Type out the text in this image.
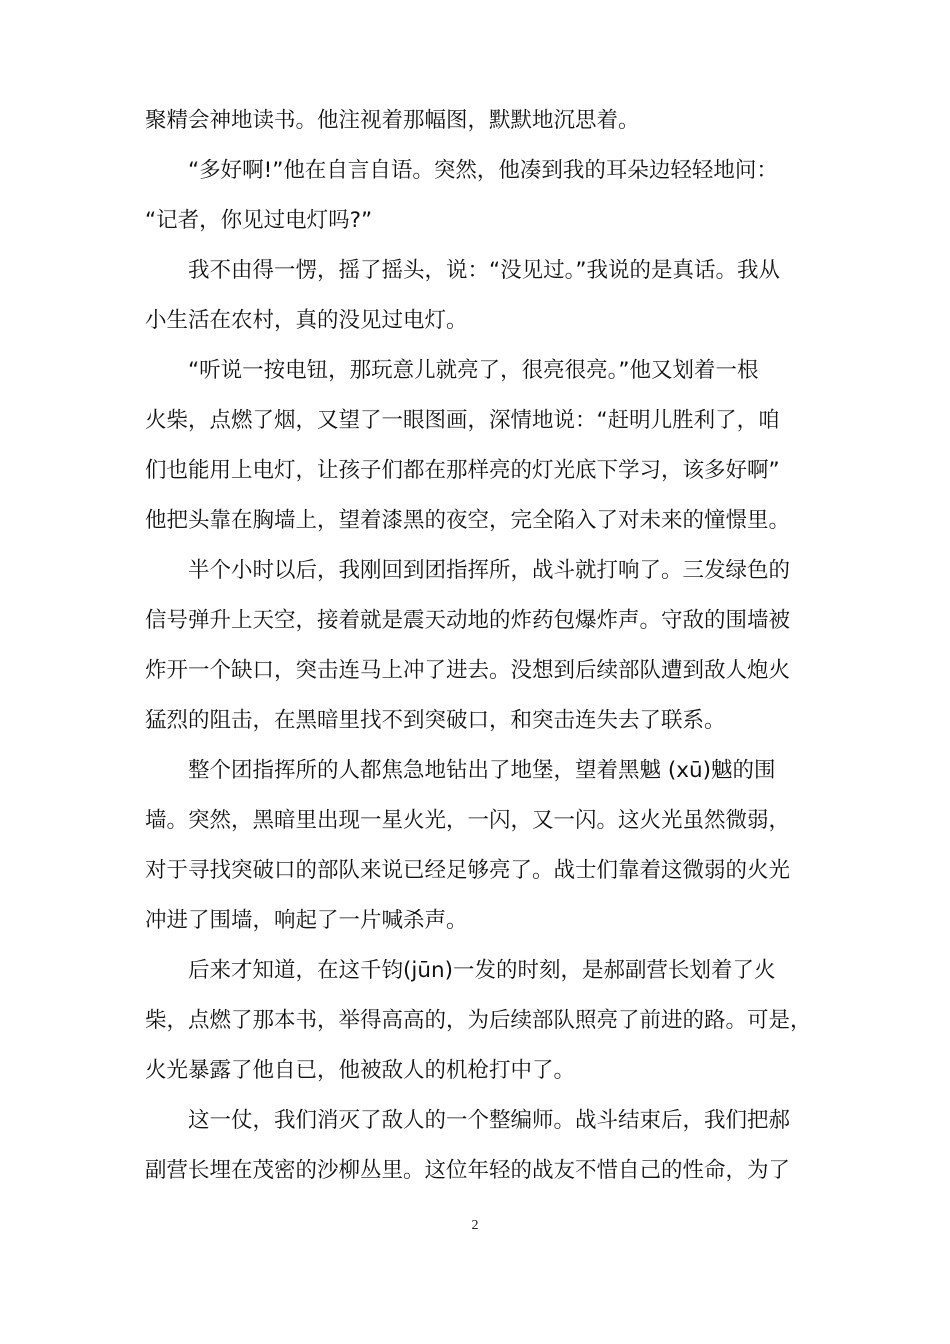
聚精会神地读书。他注视着那幅图，默默地沉思着。
“多好啊!”他在自言自语。突然，他凑到我的耳朵边轻轻地问：
“记者，你见过电灯吗?”
我不由得一愣，摇了摇头，说：“没见过。”我说的是真话。我从
小生活在农村，真的没见过电灯。
“听说一按电钮，那玩意儿就亮了，很亮很亮。”他又划着一根
火柴，点燃了烟，又望了一眼图画，深情地说：“赶明儿胜利了，咱
们也能用上电灯，让孩子们都在那样亮的灯光底下学习，该多好啊”
他把头靠在胸墙上，望着漆黑的夜空，完全陷入了对未来的憧憬里。
半个小时以后，我刚回到团指挥所，战斗就打响了。三发绿色的
信号弹升上天空，接着就是震天动地的炸药包爆炸声。守敌的围墙被
炸开一个缺口，突击连马上冲了进去。没想到后续部队遭到敌人炮火
猛烈的阻击，在黑暗里找不到突破口，和突击连失去了联系。
整个团指挥所的人都焦急地钻出了地堡，望着黑魆 (xū)魆的围
墙。突然，黑暗里出现一星火光，一闪，又一闪。这火光虽然微弱，
对于寻找突破口的部队来说已经足够亮了。战士们靠着这微弱的火光
冲进了围墙，响起了一片喊杀声。
后来才知道，在这千钧(jūn)一发的时刻，是郝副营长划着了火
柴，点燃了那本书，举得高高的，为后续部队照亮了前进的路。可是，
火光暴露了他自已，他被敌人的机枪打中了。
这一仗，我们消灭了敌人的一个整编师。战斗结束后，我们把郝
副营长埋在茂密的沙柳丛里。这位年轻的战友不惜自己的性命，为了
2
